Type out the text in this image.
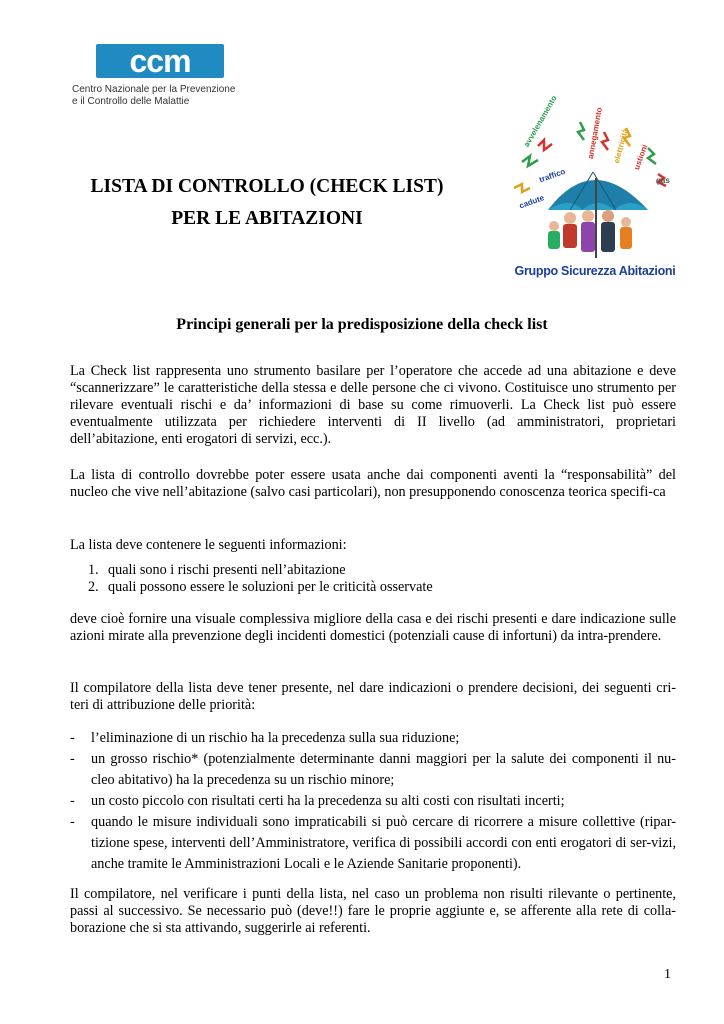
ccm
Centro Nazionale per la Prevenzione
e il Controllo delle Malattie	avvelenamento	annegamento elettricità ustioni
gas
traffico
cadute
Gruppo Sicurezza Abitazioni
LISTA DI CONTROLLO (CHECK LIST)
PER LE ABITAZIONI
Principi generali per la predisposizione della check list
La Check list rappresenta uno strumento basilare per l’operatore che accede ad una abitazione e deve “scannerizzare” le caratteristiche della stessa e delle persone che ci vivono. Costituisce uno strumento per rilevare eventuali rischi e da’ informazioni di base su come rimuoverli. La Check list può essere eventualmente utilizzata per richiedere interventi di II livello (ad amministratori, proprietari dell’abitazione, enti erogatori di servizi, ecc.).
La lista di controllo dovrebbe poter essere usata anche dai componenti aventi la “responsabilità” del nucleo che vive nell’abitazione (salvo casi particolari), non presupponendo conoscenza teorica specifi-ca
La lista deve contenere le seguenti informazioni:
1. quali sono i rischi presenti nell’abitazione
2. quali possono essere le soluzioni per le criticità osservate
deve cioè fornire una visuale complessiva migliore della casa e dei rischi presenti e dare indicazione sulle azioni mirate alla prevenzione degli incidenti domestici (potenziali cause di infortuni) da intra-prendere.
Il compilatore della lista deve tener presente, nel dare indicazioni o prendere decisioni, dei seguenti cri-teri di attribuzione delle priorità:
-	l’eliminazione di un rischio ha la precedenza sulla sua riduzione;
-	un grosso rischio* (potenzialmente determinante danni maggiori per la salute dei componenti il nu-cleo abitativo) ha la precedenza su un rischio minore;
-	un costo piccolo con risultati certi ha la precedenza su alti costi con risultati incerti;
-	quando le misure individuali sono impraticabili si può cercare di ricorrere a misure collettive (ripar-tizione spese, interventi dell’Amministratore, verifica di possibili accordi con enti erogatori di ser-vizi, anche tramite le Amministrazioni Locali e le Aziende Sanitarie proponenti).
Il compilatore, nel verificare i punti della lista, nel caso un problema non risulti rilevante o pertinente, passi al successivo. Se necessario può (deve!!) fare le proprie aggiunte e, se afferente alla rete di colla-borazione che si sta attivando, suggerirle ai referenti.
1
